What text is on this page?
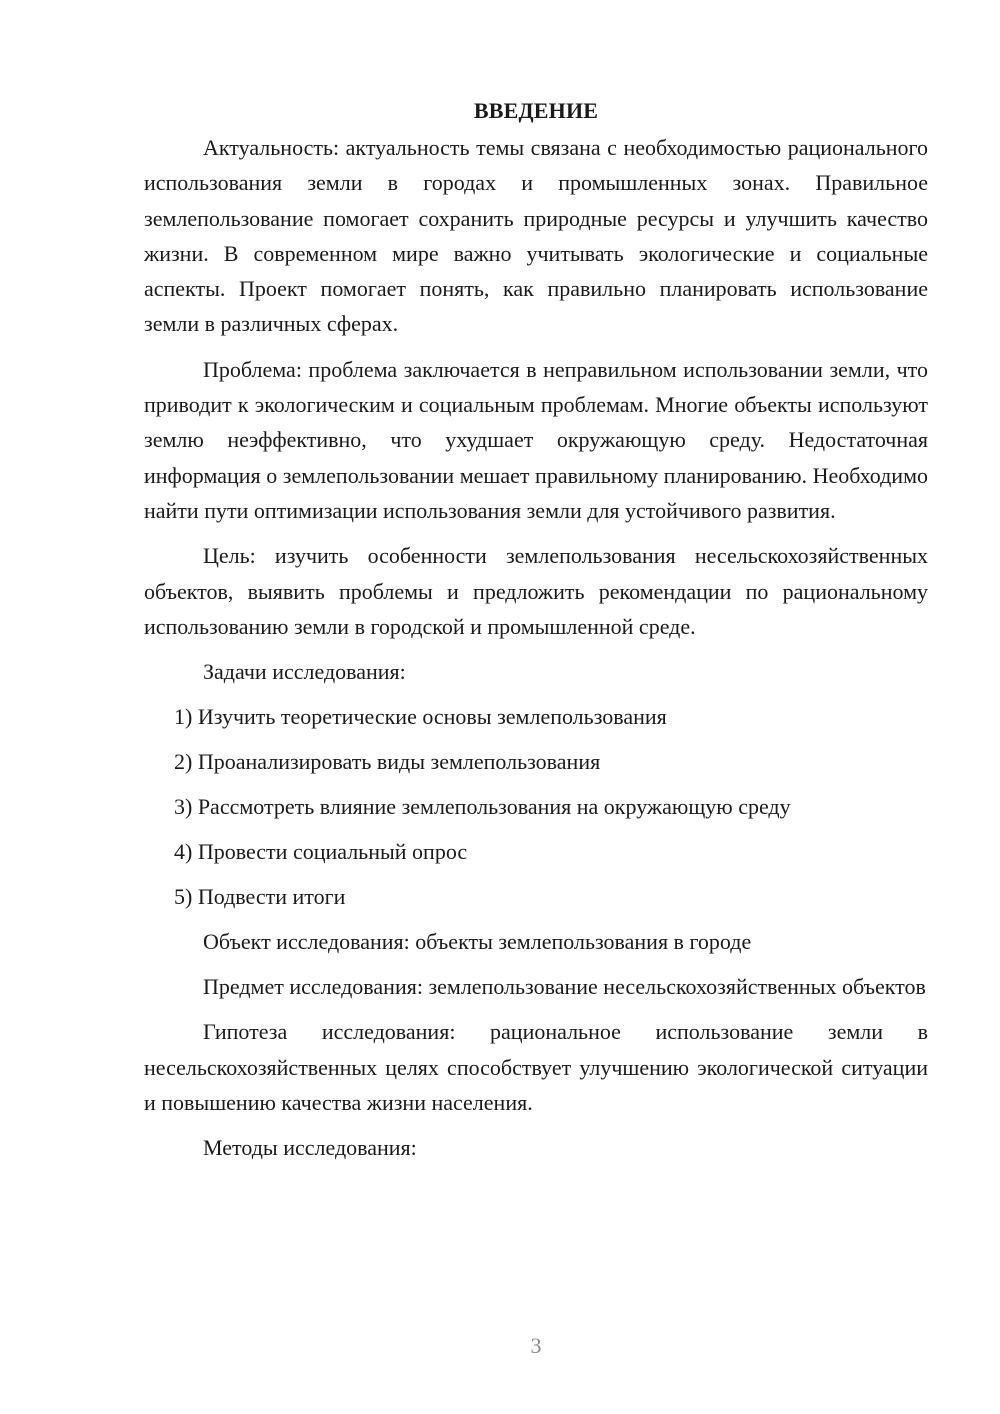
ВВЕДЕНИЕ

Актуальность: актуальность темы связана с необходимостью рационального использования земли в городах и промышленных зонах. Правильное землепользование помогает сохранить природные ресурсы и улучшить качество жизни. В современном мире важно учитывать экологические и социальные аспекты. Проект помогает понять, как правильно планировать использование земли в различных сферах.

Проблема: проблема заключается в неправильном использовании земли, что приводит к экологическим и социальным проблемам. Многие объекты используют землю неэффективно, что ухудшает окружающую среду. Недостаточная информация о землепользовании мешает правильному планированию. Необходимо найти пути оптимизации использования земли для устойчивого развития.

Цель: изучить особенности землепользования несельскохозяйственных объектов, выявить проблемы и предложить рекомендации по рациональному использованию земли в городской и промышленной среде.

Задачи исследования:
1) Изучить теоретические основы землепользования
2) Проанализировать виды землепользования
3) Рассмотреть влияние землепользования на окружающую среду
4) Провести социальный опрос
5) Подвести итоги
Объект исследования: объекты землепользования в городе

Предмет исследования: землепользование несельскохозяйственных объектов

Гипотеза исследования: рациональное использование земли в несельскохозяйственных целях способствует улучшению экологической ситуации и повышению качества жизни населения.

Методы исследования:
3
